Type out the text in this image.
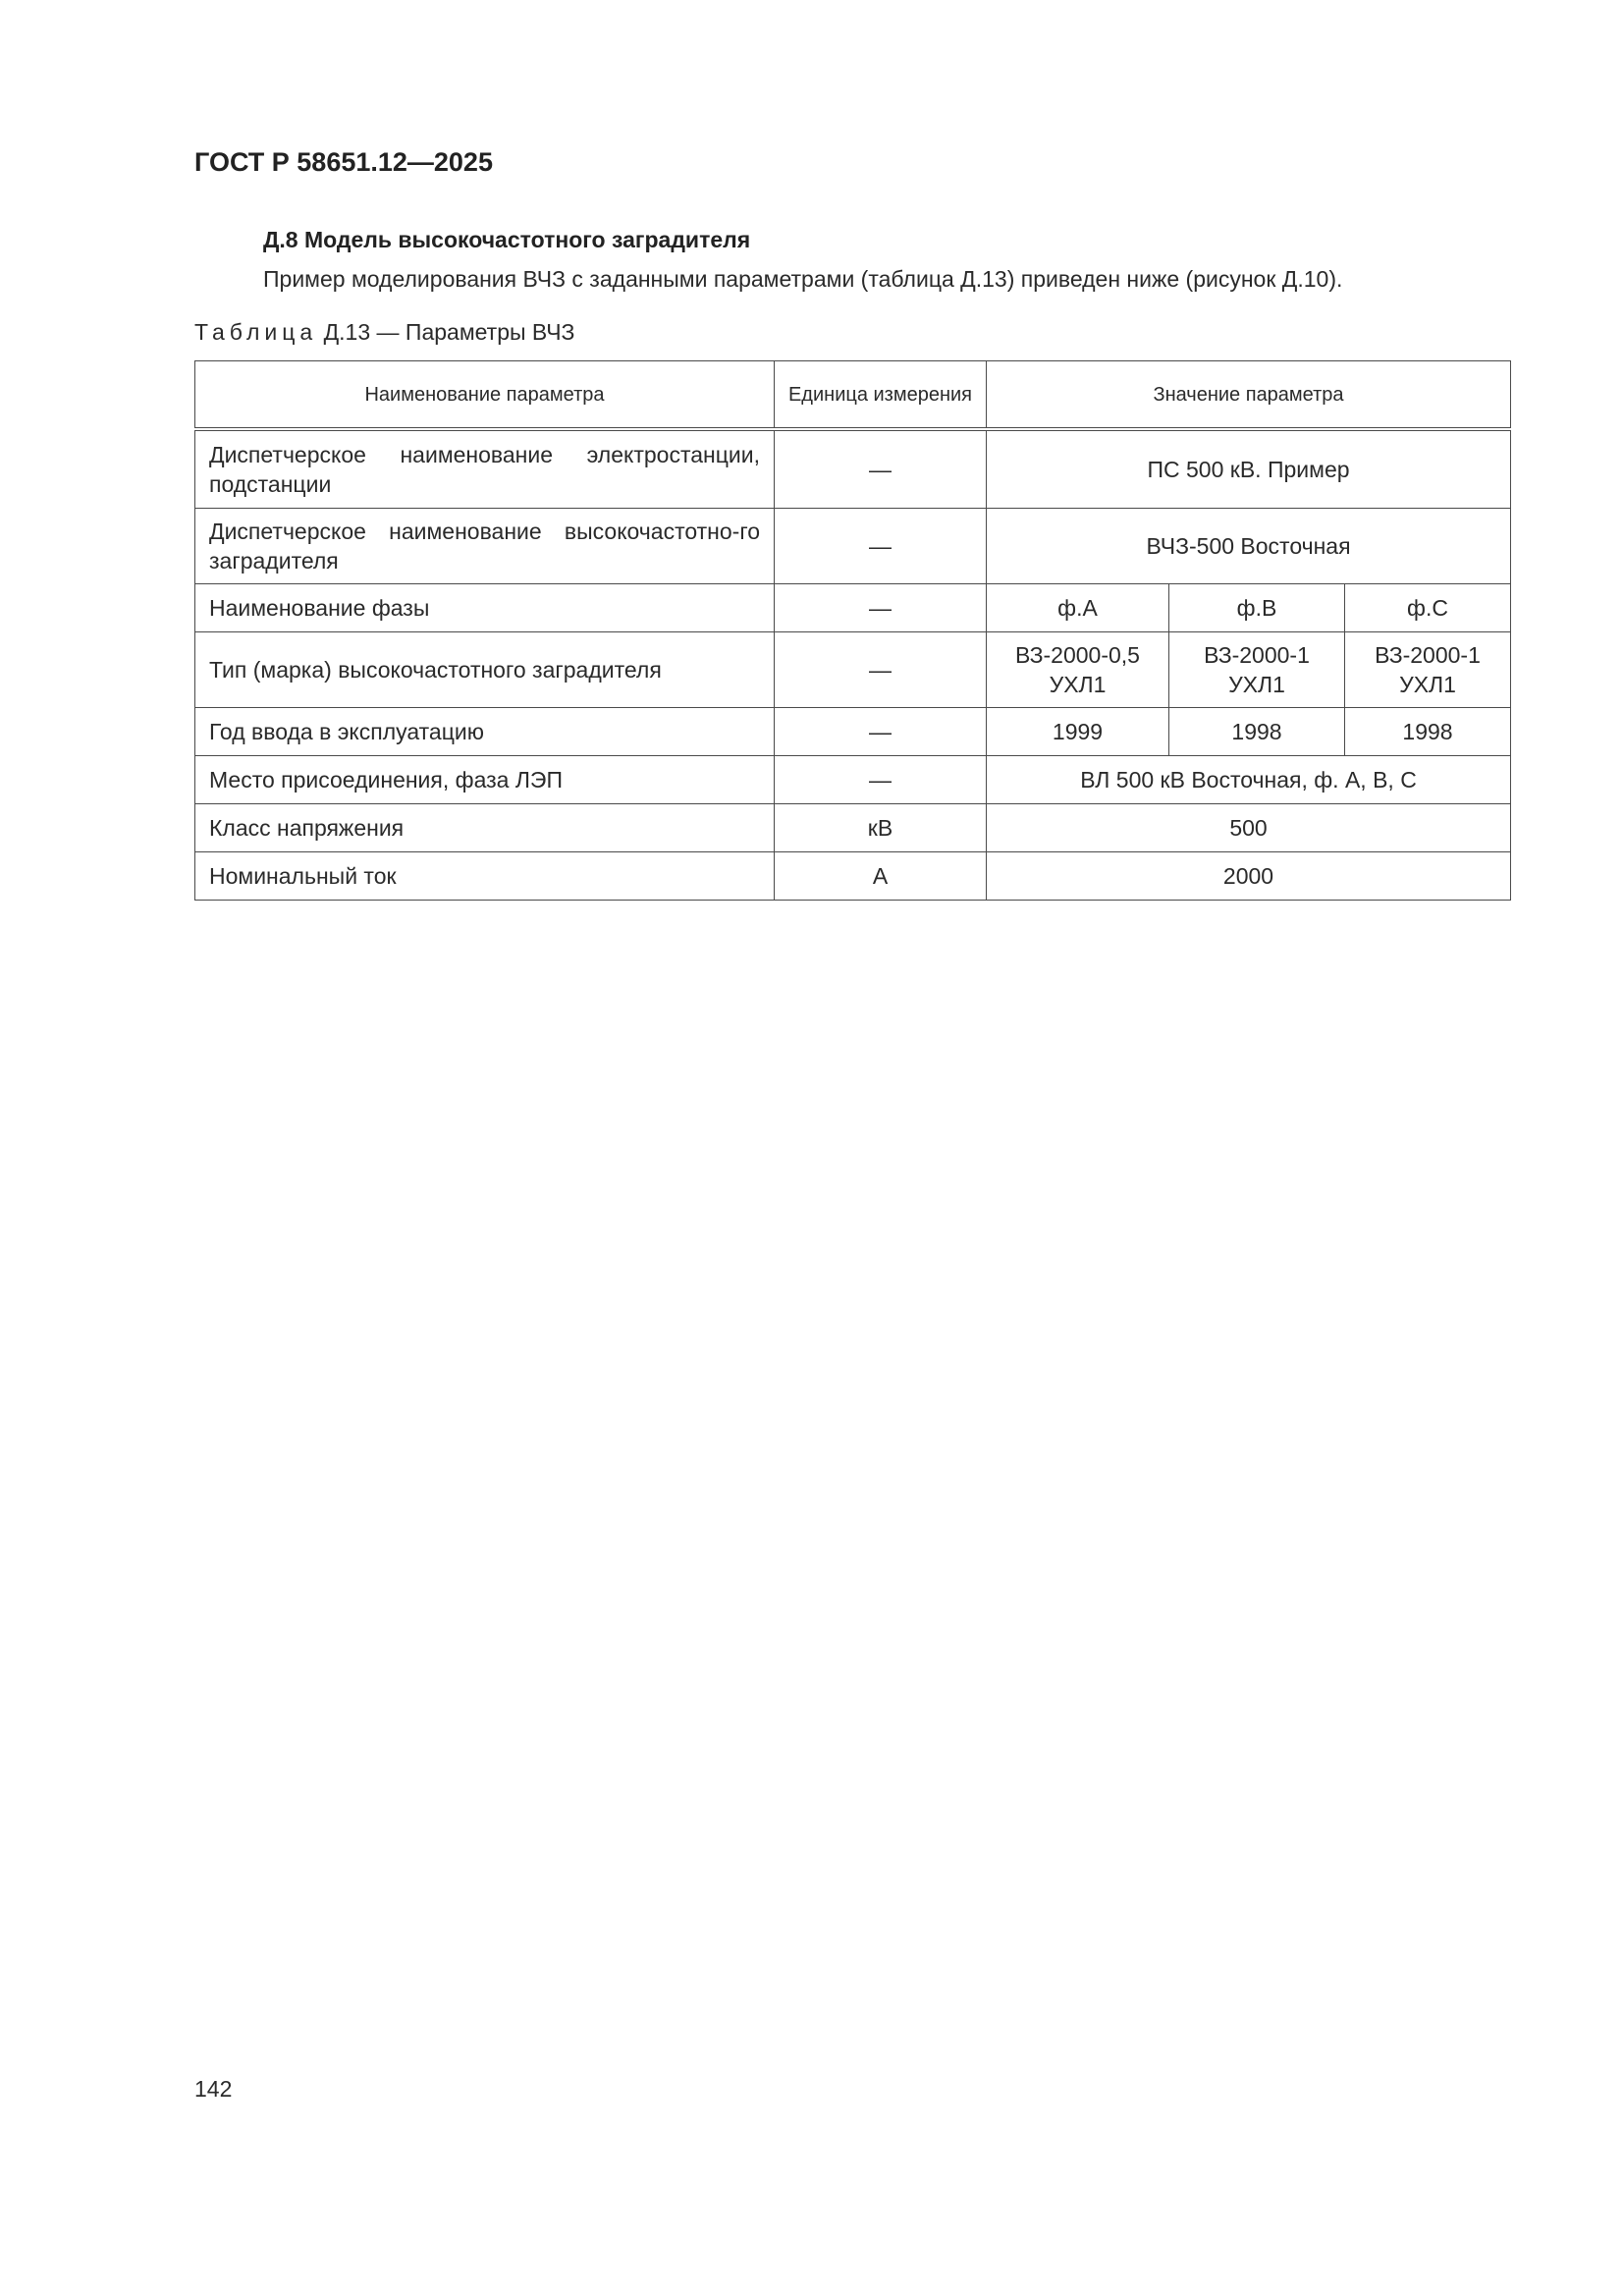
ГОСТ Р 58651.12—2025
Д.8 Модель высокочастотного заградителя
Пример моделирования ВЧЗ с заданными параметрами (таблица Д.13) приведен ниже (рисунок Д.10).
Таблица Д.13 — Параметры ВЧЗ
Наименование параметра	Единица измерения	Значение параметра		
Диспетчерское наименование электростанции, подстанции	—	ПС 500 кВ. Пример		
Диспетчерское наименование высокочастотно-го заградителя	—	ВЧЗ-500 Восточная		
Наименование фазы	—	ф.А	ф.В	ф.С
Тип (марка) высокочастотного заградителя	—	ВЗ-2000-0,5 УХЛ1	ВЗ-2000-1 УХЛ1	ВЗ-2000-1 УХЛ1
Год ввода в эксплуатацию	—	1999	1998	1998
Место присоединения, фаза ЛЭП	—	ВЛ 500 кВ Восточная, ф. А, В, С		
Класс напряжения	кВ	500		
Номинальный ток	А	2000		
142
